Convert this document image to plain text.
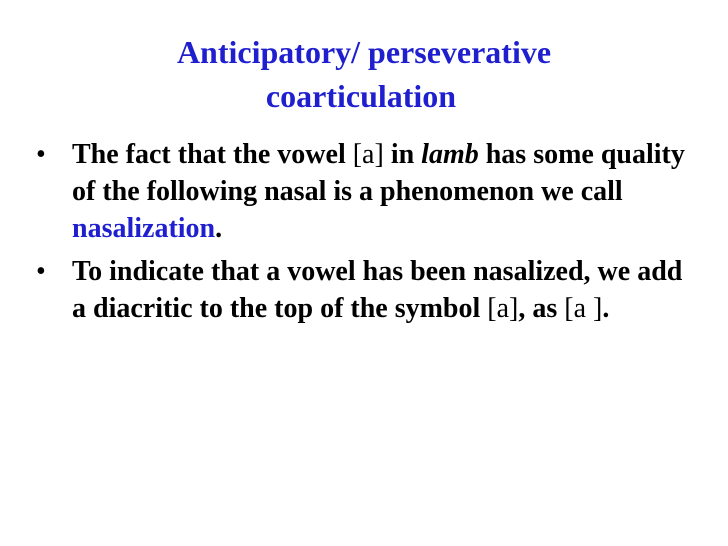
Anticipatory/ perseverative
coarticulation
• The fact that the vowel [a] in lamb has some quality of the following nasal is a phenomenon we call nasalization.
• To indicate that a vowel has been nasalized, we add a diacritic to the top of the symbol [a], as [a ].
